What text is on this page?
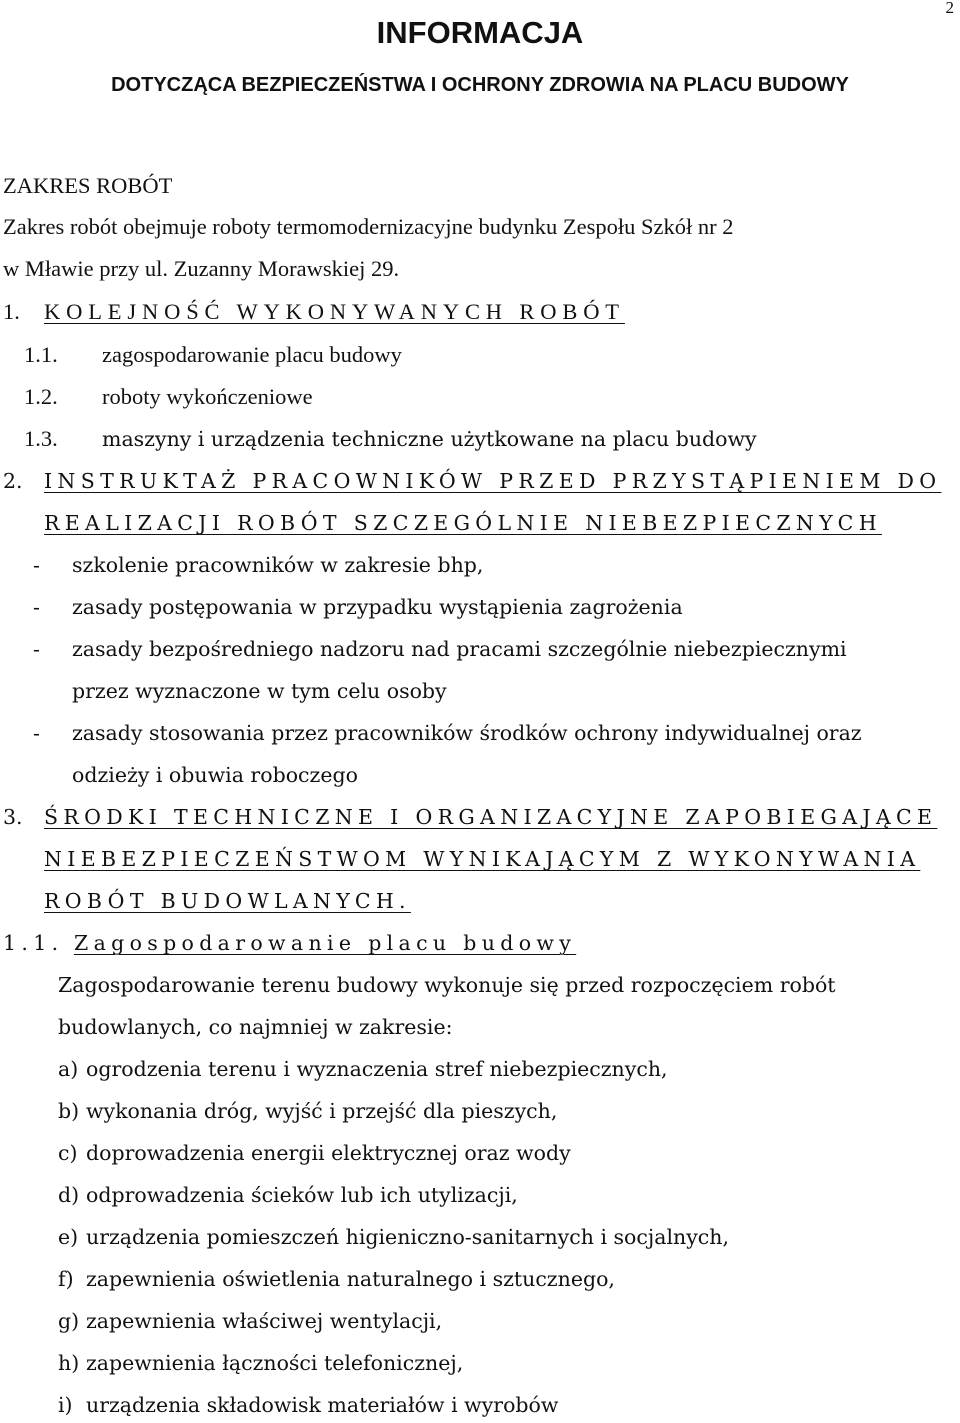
2
INFORMACJA
DOTYCZĄCA BEZPIECZEŃSTWA I OCHRONY ZDROWIA NA PLACU BUDOWY
ZAKRES ROBÓT
Zakres robót obejmuje roboty termomodernizacyjne budynku Zespołu Szkół nr 2
w Mławie przy ul. Zuzanny Morawskiej 29.
1. KOLEJNOŚĆ WYKONYWANYCH ROBÓT
1.1. zagospodarowanie placu budowy
1.2. roboty wykończeniowe
1.3. maszyny i urządzenia techniczne użytkowane na placu budowy
2. INSTRUKTAŻ PRACOWNIKÓW PRZED PRZYSTĄPIENIEM DO
REALIZACJI ROBÓT SZCZEGÓLNIE NIEBEZPIECZNYCH
- szkolenie pracowników w zakresie bhp,
- zasady postępowania w przypadku wystąpienia zagrożenia
- zasady bezpośredniego nadzoru nad pracami szczególnie niebezpiecznymi
przez wyznaczone w tym celu osoby
- zasady stosowania przez pracowników środków ochrony indywidualnej oraz
odzieży i obuwia roboczego
3. ŚRODKI TECHNICZNE I ORGANIZACYJNE ZAPOBIEGAJĄCE
NIEBEZPIECZEŃSTWOM WYNIKAJĄCYM Z WYKONYWANIA
ROBÓT BUDOWLANYCH.
1.1. Zagospodarowanie placu budowy
Zagospodarowanie terenu budowy wykonuje się przed rozpoczęciem robót
budowlanych, co najmniej w zakresie:
a) ogrodzenia terenu i wyznaczenia stref niebezpiecznych,
b) wykonania dróg, wyjść i przejść dla pieszych,
c) doprowadzenia energii elektrycznej oraz wody
d) odprowadzenia ścieków lub ich utylizacji,
e) urządzenia pomieszczeń higieniczno-sanitarnych i socjalnych,
f) zapewnienia oświetlenia naturalnego i sztucznego,
g) zapewnienia właściwej wentylacji,
h) zapewnienia łączności telefonicznej,
i) urządzenia składowisk materiałów i wyrobów
